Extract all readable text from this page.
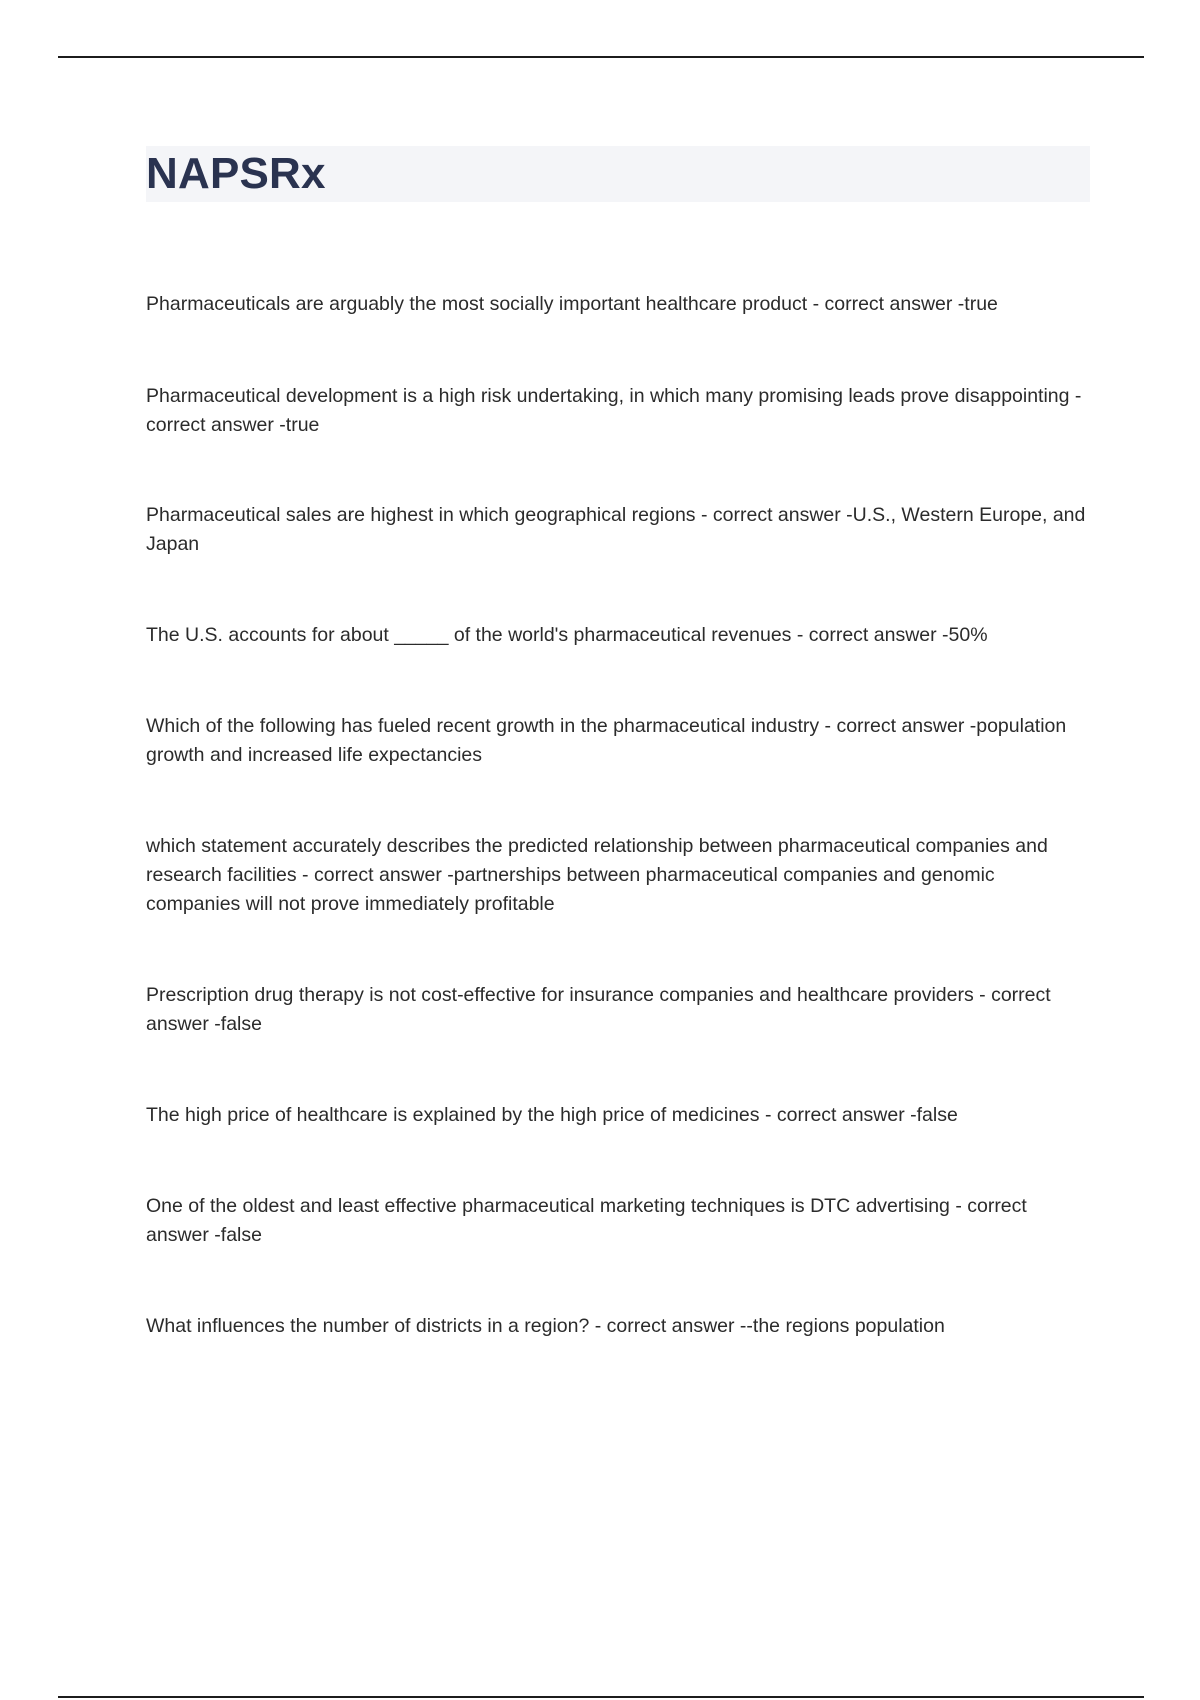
NAPSRx
Pharmaceuticals are arguably the most socially important healthcare product - correct answer -true
Pharmaceutical development is a high risk undertaking, in which many promising leads prove disappointing - correct answer -true
Pharmaceutical sales are highest in which geographical regions - correct answer -U.S., Western Europe, and Japan
The U.S. accounts for about _____ of the world's pharmaceutical revenues - correct answer -50%
Which of the following has fueled recent growth in the pharmaceutical industry - correct answer -population growth and increased life expectancies
which statement accurately describes the predicted relationship between pharmaceutical companies and research facilities - correct answer -partnerships between pharmaceutical companies and genomic companies will not prove immediately profitable
Prescription drug therapy is not cost-effective for insurance companies and healthcare providers - correct answer -false
The high price of healthcare is explained by the high price of medicines - correct answer -false
One of the oldest and least effective pharmaceutical marketing techniques is DTC advertising - correct answer -false
What influences the number of districts in a region? - correct answer --the regions population
